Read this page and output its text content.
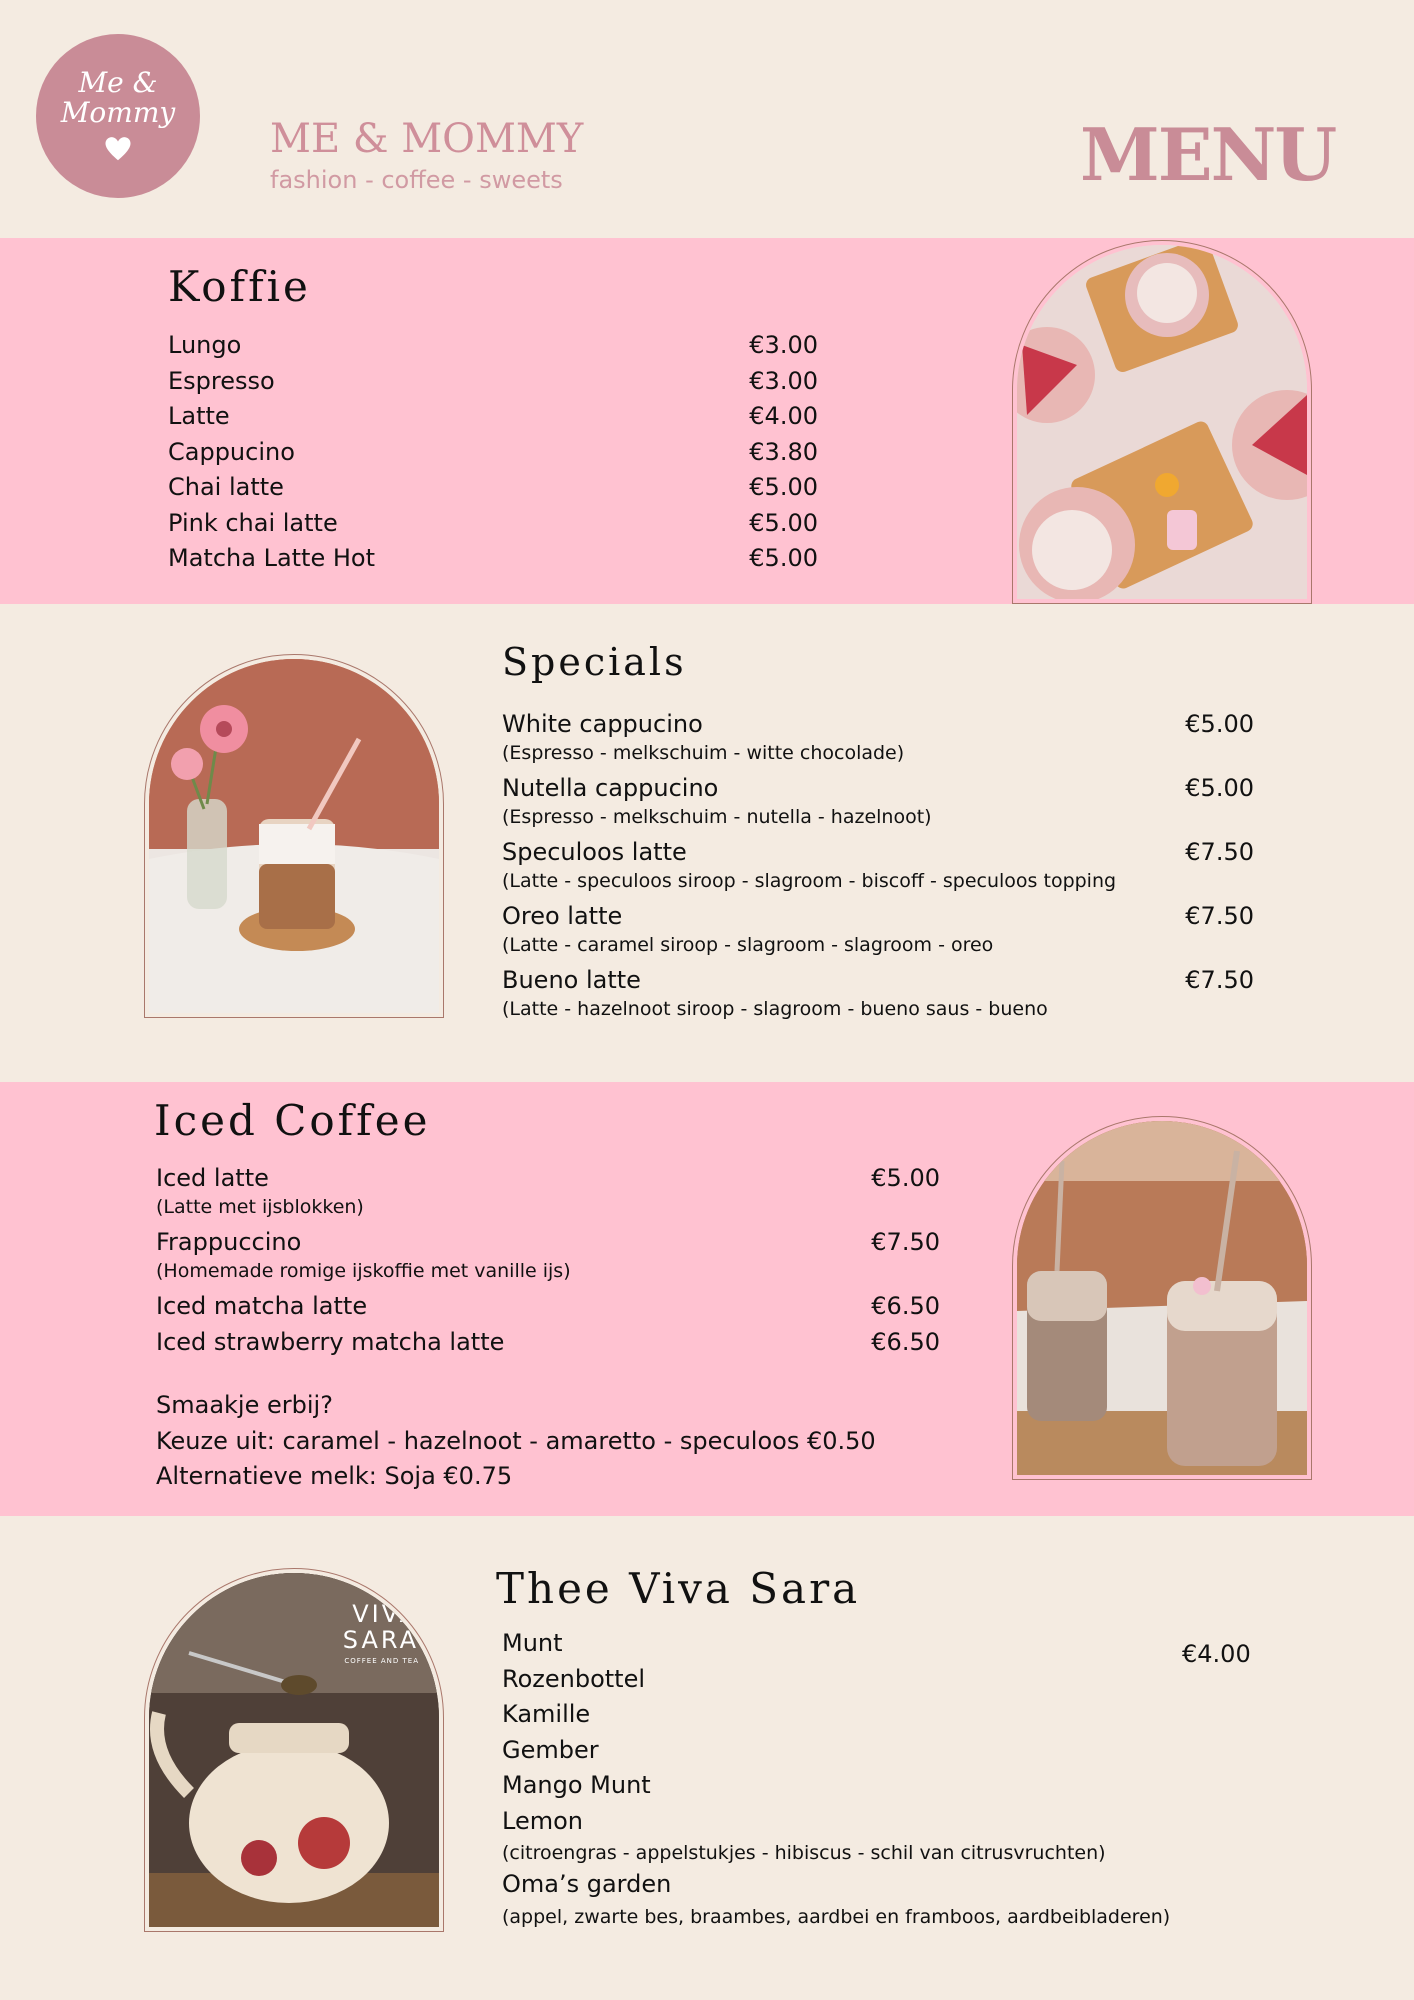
Me & Mommy
ME & MOMMY
fashion - coffee - sweets	MENU
Koffie
Lungo	€3.00
Espresso	€3.00
Latte	€4.00
Cappucino	€3.80
Chai latte	€5.00
Pink chai latte	€5.00
Matcha Latte Hot	€5.00
Specials
White cappucino	€5.00
(Espresso - melkschuim - witte chocolade)
Nutella cappucino	€5.00
(Espresso - melkschuim - nutella - hazelnoot)
Speculoos latte	€7.50
(Latte - speculoos siroop - slagroom - biscoff - speculoos topping
Oreo latte	€7.50
(Latte - caramel siroop - slagroom - slagroom - oreo
Bueno latte	€7.50
(Latte - hazelnoot siroop - slagroom - bueno saus - bueno
Iced Coffee
Iced latte	€5.00
(Latte met ijsblokken)
Frappuccino	€7.50
(Homemade romige ijskoffie met vanille ijs)
Iced matcha latte	€6.50
Iced strawberry matcha latte	€6.50
Smaakje erbij?
Keuze uit: caramel - hazelnoot - amaretto - speculoos €0.50
Alternatieve melk: Soja €0.75
VIVA SARA
COFFEE AND TEA
Thee Viva Sara
€4.00
Munt
Rozenbottel
Kamille
Gember
Mango Munt
Lemon
(citroengras - appelstukjes - hibiscus - schil van citrusvruchten)
Oma’s garden
(appel, zwarte bes, braambes, aardbei en framboos, aardbeibladeren)
